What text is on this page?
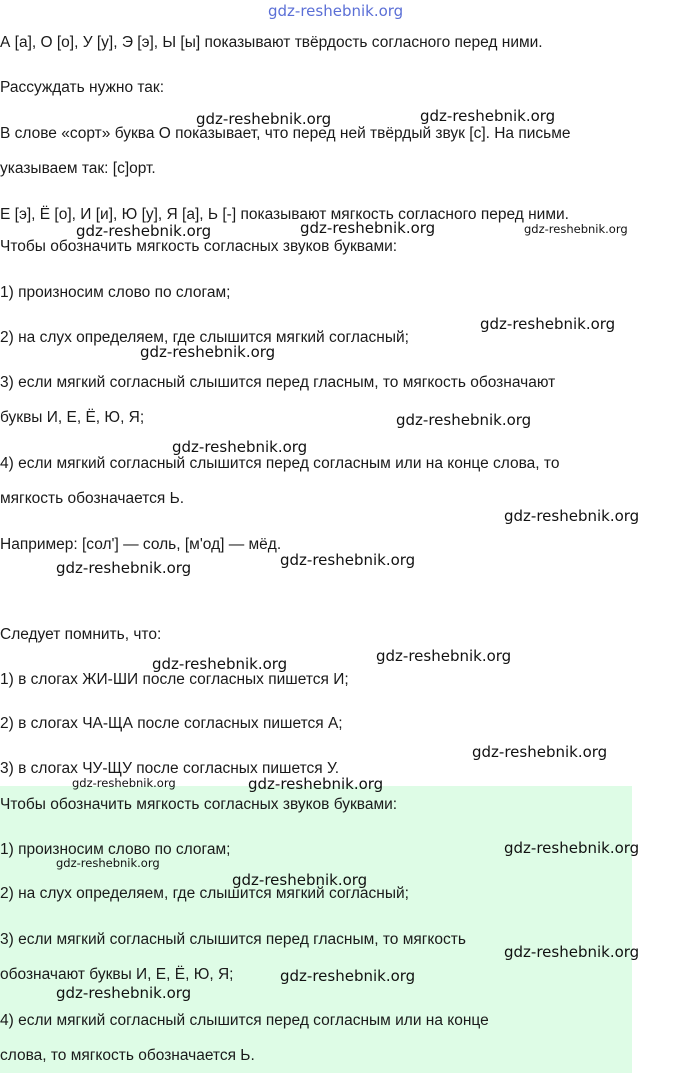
gdz-reshebnik.org
А [а], О [о], У [у], Э [э], Ы [ы] показывают твёрдость согласного перед ними.
Рассуждать нужно так:
В слове «сорт» буква О показывает, что перед ней твёрдый звук [с]. На письме
указываем так: [с]орт.
Е [э], Ё [о], И [и], Ю [у], Я [а], Ь [-] показывают мягкость согласного перед ними.
Чтобы обозначить мягкость согласных звуков буквами:
1) произносим слово по слогам;
2) на слух определяем, где слышится мягкий согласный;
3) если мягкий согласный слышится перед гласным, то мягкость обозначают
буквы И, Е, Ё, Ю, Я;
4) если мягкий согласный слышится перед согласным или на конце слова, то
мягкость обозначается Ь.
Например: [сол'] — соль, [м'од] — мёд.
Следует помнить, что:
1) в слогах ЖИ-ШИ после согласных пишется И;
2) в слогах ЧА-ЩА после согласных пишется А;
3) в слогах ЧУ-ЩУ после согласных пишется У.
Чтобы обозначить мягкость согласных звуков буквами:
1) произносим слово по слогам;
2) на слух определяем, где слышится мягкий согласный;
3) если мягкий согласный слышится перед гласным, то мягкость
обозначают буквы И, Е, Ё, Ю, Я;
4) если мягкий согласный слышится перед согласным или на конце
слова, то мягкость обозначается Ь.
gdz-reshebnik.org	gdz-reshebnik.org
gdz-reshebnik.org	gdz-reshebnik.org	gdz-reshebnik.org
gdz-reshebnik.org
gdz-reshebnik.org
gdz-reshebnik.org
gdz-reshebnik.org
gdz-reshebnik.org
gdz-reshebnik.org
gdz-reshebnik.org
gdz-reshebnik.org
gdz-reshebnik.org
gdz-reshebnik.org
gdz-reshebnik.org	gdz-reshebnik.org
gdz-reshebnik.org
gdz-reshebnik.org
gdz-reshebnik.org
gdz-reshebnik.org
gdz-reshebnik.org
gdz-reshebnik.org
